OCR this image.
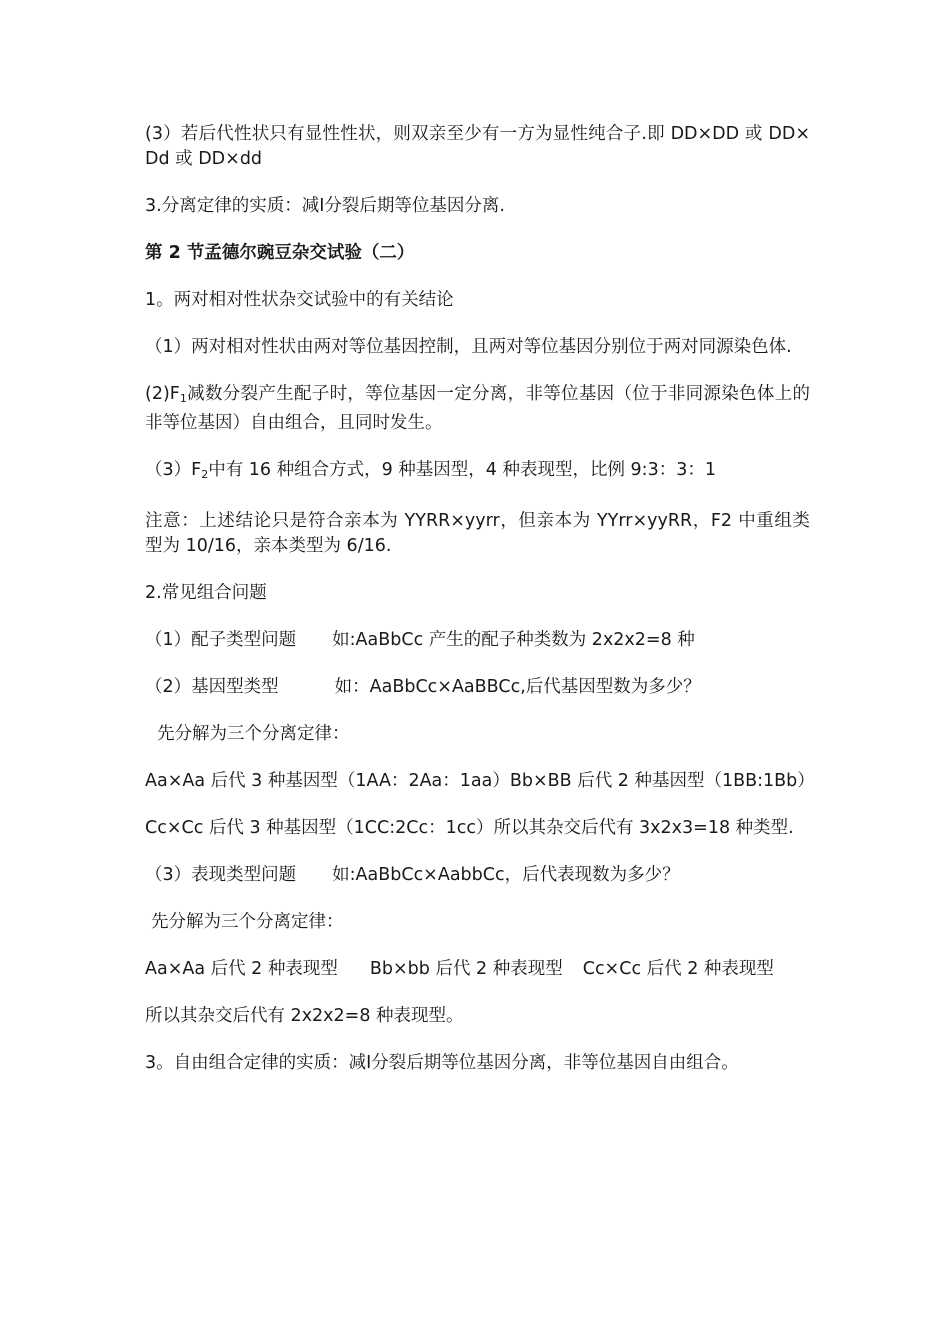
(3）若后代性状只有显性性状，则双亲至少有一方为显性纯合子.即 DD×DD 或 DD×Dd 或 DD×dd

3.分离定律的实质：减Ⅰ分裂后期等位基因分离.

第 2 节孟德尔豌豆杂交试验（二）

1。两对相对性状杂交试验中的有关结论

（1）两对相对性状由两对等位基因控制，且两对等位基因分别位于两对同源染色体.

$(2)F_1$减数分裂产生配子时，等位基因一定分离，非等位基因（位于非同源染色体上的非等位基因）自由组合，且同时发生。

$(3)F_2$中有 16 种组合方式，9 种基因型，4 种表现型，比例 9:3：3：1

注意：上述结论只是符合亲本为 YYRR×yyrr，但亲本为 YYrr×yyRR，F2 中重组类型为 10/16，亲本类型为 6/16.

2.常见组合问题

（1）配子类型问题 如:AaBbCc 产生的配子种类数为 2x2x2=8 种

（2）基因型类型	如：AaBbCc×AaBBCc,后代基因型数为多少？

先分解为三个分离定律：

Aa×Aa 后代 3 种基因型（1AA：2Aa：1aa）Bb×BB 后代 2 种基因型（1BB:1Bb）

Cc×Cc 后代 3 种基因型（1CC:2Cc：1cc）所以其杂交后代有 3x2x3=18 种类型.

（3）表现类型问题 如:AaBbCc×AabbCc，后代表现数为多少？

先分解为三个分离定律：

Aa×Aa 后代 2 种表现型 Bb×bb 后代 2 种表现型 Cc×Cc 后代 2 种表现型

所以其杂交后代有 2x2x2=8 种表现型。

3。自由组合定律的实质：减Ⅰ分裂后期等位基因分离，非等位基因自由组合。
